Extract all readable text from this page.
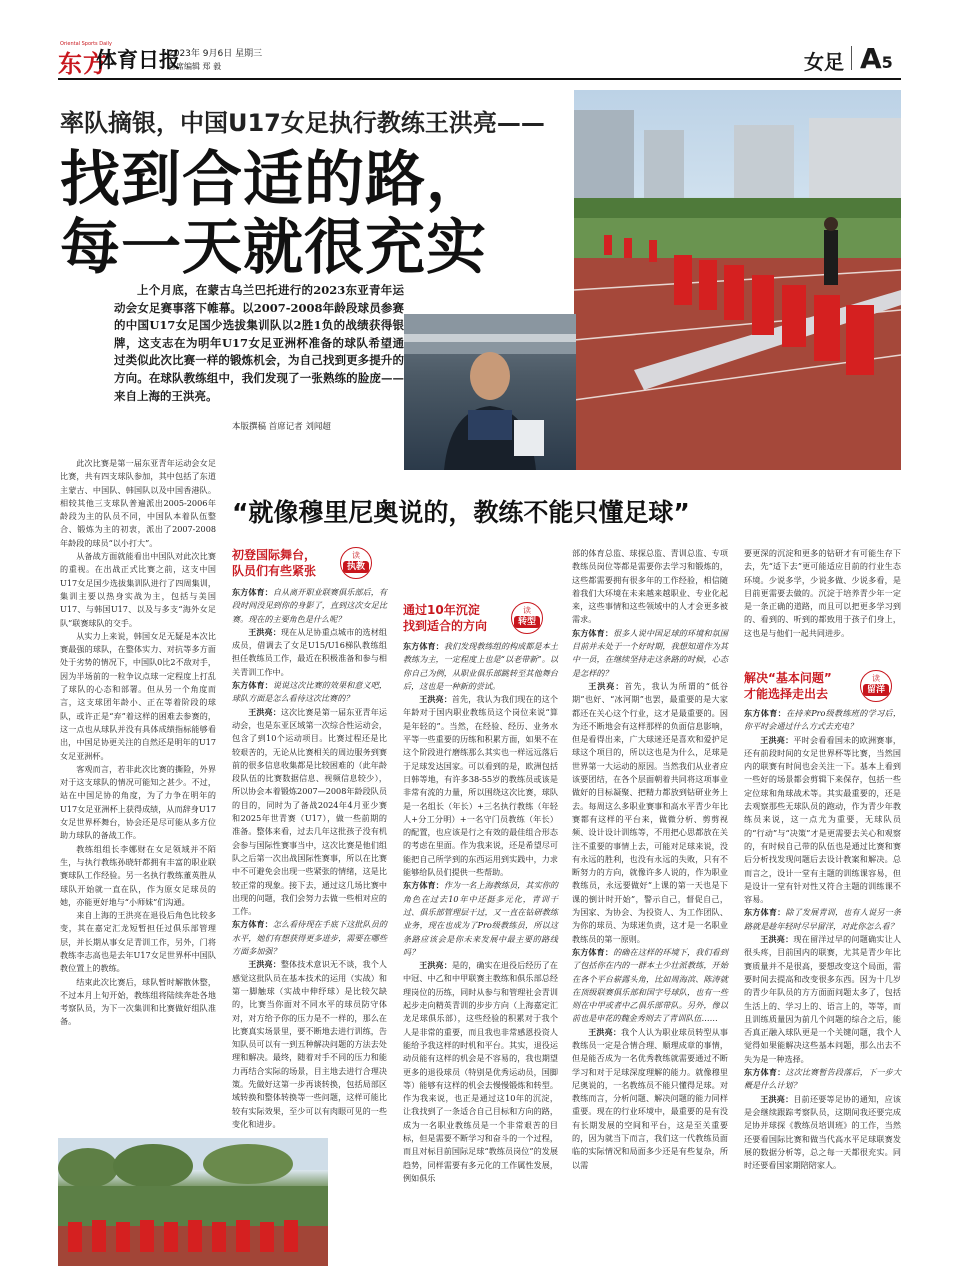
Oriental Sports Daily
东方
体育日报
2023年 9月6日 星期三
首席编辑 郑 毅	女足 A5
率队摘银，中国U17女足执行教练王洪亮——
找到合适的路，
每一天就很充实
上个月底，在蒙古乌兰巴托进行的2023东亚青年运动会女足赛事落下帷幕。以2007-2008年龄段球员参赛的中国U17女足国少选拔集训队以2胜1负的战绩获得银牌，这支志在为明年U17女足亚洲杯准备的球队希望通过类似此次比赛一样的锻炼机会，为自己找到更多提升的方向。在球队教练组中，我们发现了一张熟练的脸庞——来自上海的王洪亮。
本版撰稿 首席记者 刘闻超
“就像穆里尼奥说的，教练不能只懂足球”

此次比赛是第一届东亚青年运动会女足比赛，共有四支球队参加，其中包括了东道主蒙古、中国队、韩国队以及中国香港队。相较其他三支球队普遍派出2005-2006年龄段为主的队员不同，中国队本着队伍整合、锻炼为主的初衷，派出了2007-2008年龄段的球员“以小打大”。

从备战方面就能看出中国队对此次比赛的重视。在出战正式比赛之前，这支中国U17女足国少选拔集训队进行了四周集训，集训主要以热身实战为主，包括与美国U17、与韩国U17、以及与多支“海外女足队”联赛球队的交手。

从实力上来说，韩国女足无疑是本次比赛最强的球队，在整体实力、对抗等多方面处于劣势的情况下，中国队0比2不敌对手，因为半场前的一粒争议点球一定程度上打乱了球队的心态和部署。但从另一个角度而言，这支球团年龄小、正在等着阶段的球队，或许正是“弃”着这样的困难去参赛的，这一点也从球队并没有具体成绩指标能够看出，中国足协更关注的自然还是明年的U17女足亚洲杯。

客观而言，若非此次比赛的撕险，外界对于这支球队的情况可能知之甚少。不过，站在中国足协的角度，为了力争在明年的U17女足亚洲杯上获得成绩，从而辞身U17女足世界杯舞台，协会还是尽可能从多方位助力球队的备战工作。

教练组组长李娜财在女足领域并不陌生，与执行教练孙晓轩都拥有丰富的职业联赛球队工作经验。另一名执行教练董英胜从球队开始就一直在队，作为原女足球员的她，亦能更好地与“小师妹”们沟通。

来自上海的王洪亮在退役后角色比较多变，其在嘉定汇龙短暂担任过俱乐部管理层，并长期从事女足青训工作，另外，门将教练李志高也是去年U17女足世界杯中国队教位置上的教练。

结束此次比赛后，球队暂时解散休整，不过本月上旬开始，教练组将陆续奔赴各地考察队员，为下一次集训和比赛做好组队准备。

初登国际舞台，
队员们有些紧张
读
执教

东方体育：自从离开职业联赛俱乐部后，有段时间没见到你的身影了，直到这次女足比赛。现在的主要角色是什么呢？

王洪亮：现在从足协重点城市的选材组成员，借调去了女足U15/U16梯队教练组担任教练员工作，最近在积极准备和参与相关青训工作中。

东方体育：说说这次比赛的效果和意义吧，球队方面是怎么看待这次比赛的？

王洪亮：这次比赛是第一届东亚青年运动会，也是东亚区域第一次综合性运动会，包含了到10个运动项目。比赛过程还是比较艰苦的，无论从比赛相关的周边服务到赛前的很多信息收集都是比较困难的（此年龄段队伍的比赛数据信息、视频信息较少），所以协会本着锻炼2007—2008年龄段队员的目的，同时为了备战2024年4月亚少赛和2025年世青赛（U17），做一些前期的准备。整体来看，过去几年这批孩子没有机会参与国际性赛事当中，这次比赛是他们组队之后第一次出战国际性赛事，所以在比赛中不可避免会出现一些紧张的情绪，这是比较正常的现象。接下去，通过这几场比赛中出现的问题，我们会努力去做一些相对应的工作。

东方体育：怎么看待现在手底下这批队员的水平，她们有想获得更多进步，需要在哪些方面多加强？

王洪亮：整体技术意识无不谈，我个人感觉这批队员在基本技术的运用（实战）和第一脚触球（实战中伸纾球）是比较欠缺的，比赛当你面对不同水平的球员防守体对，对方给予你的压力是不一样的，那么在比赛真实场景里，要不断地去进行训练，告知队员可以有一到五种解决问题的方法去处理和解决。最终，随着对手不同的压力和能力再结合实际的场景，目主地去进行合理决策。先做好这第一步再谈转换，包括局部区域转换和整体转换等一些问题，这样可能比较有实际效果，至少可以有肉眼可见的一些变化和进步。

通过10年沉淀
找到适合的方向
读
转型

东方体育：我们发现教练组的构成都是本土教练为主，一定程度上也是“以老带新”。以你自己为例，从职业俱乐部跳转至其他舞台后，这也是一种新的尝试。

王洪亮：首先，我认为我们现在的这个年龄对于国内职业教练员这个岗位来说“算是年轻的”。当然，在经验、经历、业务水平等一些重要的历练和积累方面，如果不在这个阶段进行磨练那么其实也一样远远落后于足球发达国家。可以看到的是，欧洲包括日韩等地，有许多38-55岁的教练员或该是非常有流的力量，所以围绕这次比赛，球队是一名组长（年长）+三名执行教练（年轻人+分工分明）+一名守门员教练（年长）的配置，也应该是行之有效的最佳组合形态的考虑在里面。作为我来说，还是希望尽可能把自己所学到的东西运用到实践中，力求能够给队员们提供一些帮助。

东方体育：作为一名上海教练员，其实你的角色在过去10年中还挺多元化，青训干过、俱乐部管理层干过，又一直在钻研教练业务，现在也成为了Pro级教练员，所以这条路应该会是你未来发展中最主要的路线吗？

王洪亮：是的，确实在退役后经历了在中冠、中乙和中甲联赛主教练和俱乐部总经理岗位的历练，同时从参与和管理社会青训起步走向精英青训的步步方向（上海嘉定汇龙足球俱乐部），这些经验的积累对于我个人是非常的重要，而且我也非常感恩投资人能给予我这样的时机和平台。其实，退役运动员能有这样的机会是不容易的，我也期望更多的退役球员（特别是优秀运动员，国脚等）能够有这样的机会去慢慢锻炼和转型。作为我来说，也正是通过这10年的沉淀，让我找到了一条适合自己目标和方向的路，成为一名职业教练员是一个非常艰苦的目标，但是需要不断学习和奋斗的一个过程，而且对标目前国际足球“教练员岗位”的发展趋势，同样需要有多元化的工作属性发展，例如俱乐

部的体育总监、球探总监、青训总监、专项教练员岗位等都是需要你去学习和锻炼的，这些都需要拥有很多年的工作经验，相信随着我们大环境在未来越来越职业、专业化起来，这些事情和这些领域中的人才会更多被需求。

东方体育：很多人说中国足球的环境和氛围目前并未处于一个好时期，我想知道作为其中一员，在继续坚持走这条路的时候，心态是怎样的？

王洪亮：首先，我认为所谓的“低谷期”也好、“冰河期”也罢，最重要的是大家都还在关心这个行业，这才是最重要的。因为还不断地会有这样那样的负面信息影响，但是看得出来，广大球迷还是喜欢和爱护足球这个项目的，所以这也是为什么，足球是世界第一大运动的原因。当然我们从业者应该要团结，在各个层面朝着共同将这项事业做好的目标凝聚、把精力都放到钻研业务上去。每周这么多职业赛事和高水平青少年比赛都有这样的平台来，做微分析、剪剪视频、设计设计训练等，不用把心思都放在关注不重要的事情上去，可能对足球来说，没有永远的胜利，也没有永远的失败，只有不断努力的方向，就像许多人说的，作为职业教练员，永远要做好“上课的第一天也是下课的倒计时开始”，警示自己，督促自己，为国家、为协会、为投资人、为工作团队、为你的球员、为球迷负责，这才是一名职业教练员的第一原则。

东方体育：的确在这样的环境下，我们看到了包括你在内的一群本土少壮派教练，开始在各个平台崭露头角，比如周海滨、陈涛就在顶级联赛俱乐部和国字号球队，也有一些则在中甲或者中乙俱乐部带队。另外，像以前也是申花的魏金秀则去了青训队伍……

王洪亮：我个人认为职业球员转型从事教练员一定是合情合理、顺理成章的事情，但是能否成为一名优秀教练就需要通过不断学习和对于足球深度理解的能力。就像穆里尼奥说的，一名教练员不能只懂得足球。对教练而言，分析问题、解决问题的能力同样重要。现在的行业环境中，最重要的是有没有长期发展的空间和平台，这是至关重要的，因为就当下而言，我们这一代教练员面临的实际情况和局面多少还是有些复杂，所以需

要更深的沉淀和更多的钻研才有可能生存下去，先“适下去”更可能适应目前的行业生态环境。少说多学，少说多做、少说多看，是目前更需要去做的。沉淀于培养青少年一定是一条正确的道路，而且可以把更多学习到的、看到的、听到的都致用于孩子们身上，这也是与他们一起共同进步。

解决“基本问题”
才能选择走出去
读
留洋

东方体育：在持来Pro级教练班的学习后，你平时会通过什么方式去充电？

王洪亮：平时会看看国未的欧洲赛事，还有前段时间的女足世界杯等比赛，当然国内的联赛有时间也会关注一下。基本上看到一些好的场景都会剪辑下来保存，包括一些定位球和角球战术等。其实最重要的，还是去观察那些无球队员的跑动，作为青少年教练员来说，这一点尤为重要，无球队员的“行动”与“决策”才是更需要去关心和观察的，有时候自己带的队伍也是通过比赛和赛后分析找发现问题后去设计教案和解决。总而言之，设计一堂有主题的训练课容易，但是设计一堂有针对性又符合主题的训练课不容易。

东方体育：除了发展青训，也有人说另一条路就是趁年轻时尽早留洋，对此你怎么看？

王洪亮：现在留洋过早的问题确实让人很头疼，目前国内的联赛，尤其是青少年比赛质量并不是很高，要想改变这个局面，需要时间去提高和改变很多东西。因为十几岁的青少年队员的方方面面问题太多了，包括生活上的、学习上的、语言上的，等等，而且训练质量因为前几个问题的综合之后，能否真正融入球队更是一个关键问题，我个人觉得如果能解决这些基本问题，那么出去不失为是一种选择。

东方体育：这次比赛暂告段落后，下一步大概是什么计划？

王洪亮：目前还要等足协的通知，应该是会继续跟踪考察队员，这期间我还要完成足协并球探《教练员培训班》的工作，当然还要看国际比赛和做当代高水平足球联赛发展的数据分析等，总之每一天都很充实。同时还要看国家期陪陪家人。
